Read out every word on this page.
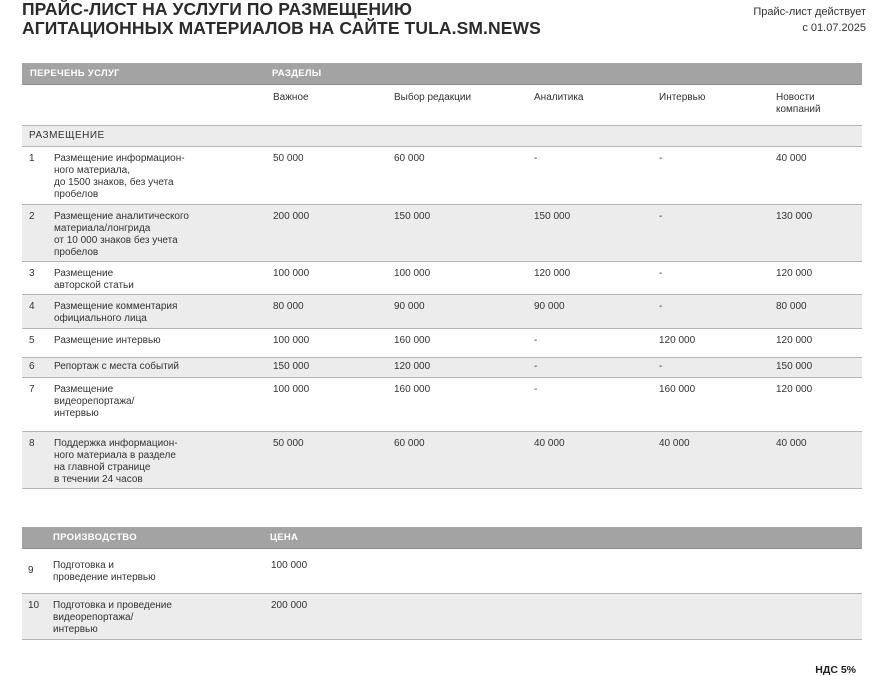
ПРАЙС-ЛИСТ НА УСЛУГИ ПО РАЗМЕЩЕНИЮ
АГИТАЦИОННЫХ МАТЕРИАЛОВ НА САЙТЕ TULA.SM.NEWS
Прайс-лист действует
с 01.07.2025
ПЕРЕЧЕНЬ УСЛУГ	РАЗДЕЛЫ
Важное	Выбор редакции	Аналитика	Интервью	Новости компаний
РАЗМЕЩЕНИЕ
1 Размещение информацион-
ного материала,
до 1500 знаков, без учета
пробелов
50 000	60 000	-	-	40 000
2 Размещение аналитического
материала/лонгрида
от 10 000 знаков без учета
пробелов
200 000	150 000	150 000	-	130 000
3 Размещение
авторской статьи
100 000	100 000	120 000	-	120 000
4 Размещение комментария
официального лица
80 000	90 000	90 000	-	80 000
5 Размещение интервью	100 000	160 000	-	120 000	120 000
6 Репортаж с места событий	150 000	120 000	-	-	150 000
7 Размещение
видеорепортажа/
интервью
100 000	160 000	-	160 000	120 000
8 Поддержка информацион-
ного материала в разделе
на главной странице
в течении 24 часов
50 000	60 000	40 000	40 000	40 000
ПРОИЗВОДСТВО	ЦЕНА
9 Подготовка и
проведение интервью
100 000
10 Подготовка и проведение
видеорепортажа/
интервью
200 000
НДС 5%
